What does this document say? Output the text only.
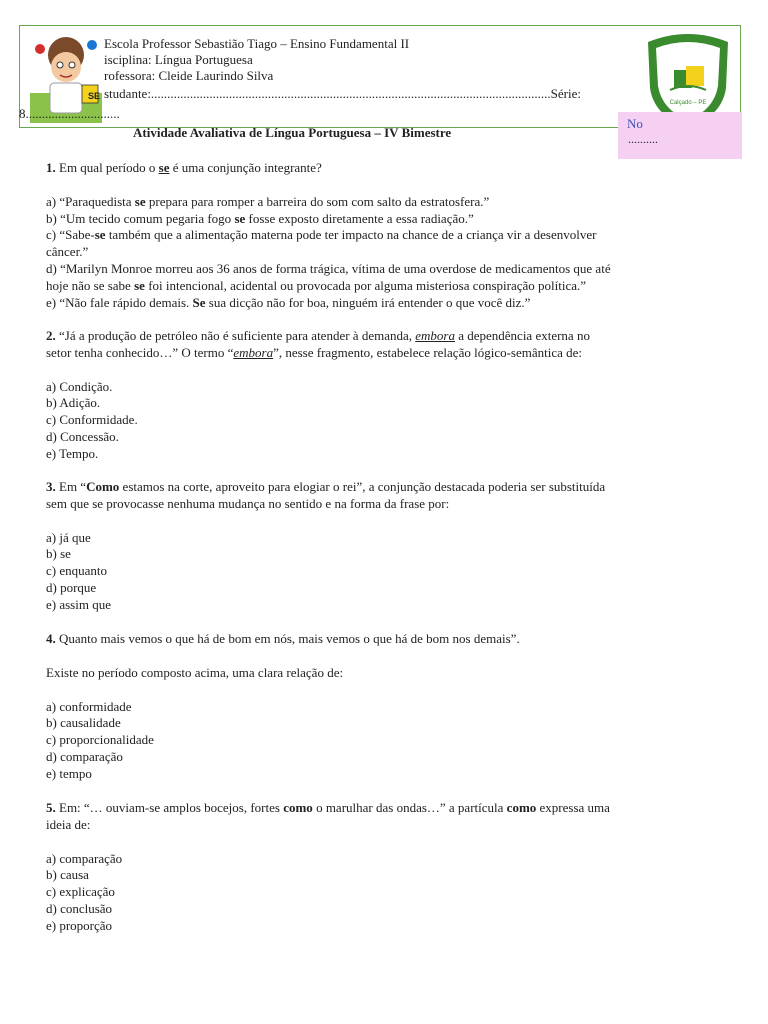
SE
Calçado – PE
Escola Professor Sebastião Tiago – Ensino Fundamental II
isciplina: Língua Portuguesa
rofessora: Cleide Laurindo Silva
studante:...........................................................................................................................Série:
8.............................
No
..........
Atividade Avaliativa de Língua Portuguesa – IV Bimestre
1. Em qual período o se é uma conjunção integrante?
a) “Paraquedista se prepara para romper a barreira do som com salto da estratosfera.”
b) “Um tecido comum pegaria fogo se fosse exposto diretamente a essa radiação.”
c) “Sabe-se também que a alimentação materna pode ter impacto na chance de a criança vir a desenvolver
câncer.”
d) “Marilyn Monroe morreu aos 36 anos de forma trágica, vítima de uma overdose de medicamentos que até
hoje não se sabe se foi intencional, acidental ou provocada por alguma misteriosa conspiração política.”
e) “Não fale rápido demais. Se sua dicção não for boa, ninguém irá entender o que você diz.”
2. “Já a produção de petróleo não é suficiente para atender à demanda, embora a dependência externa no
setor tenha conhecido…” O termo “embora”, nesse fragmento, estabelece relação lógico-semântica de:
a) Condição.
b) Adição.
c) Conformidade.
d) Concessão.
e) Tempo.
3. Em “Como estamos na corte, aproveito para elogiar o rei”, a conjunção destacada poderia ser substituída
sem que se provocasse nenhuma mudança no sentido e na forma da frase por:
a) já que
b) se
c) enquanto
d) porque
e) assim que
4. Quanto mais vemos o que há de bom em nós, mais vemos o que há de bom nos demais”.
Existe no período composto acima, uma clara relação de:
a) conformidade
b) causalidade
c) proporcionalidade
d) comparação
e) tempo
5. Em: “… ouviam-se amplos bocejos, fortes como o marulhar das ondas…” a partícula como expressa uma
ideia de:
a) comparação
b) causa
c) explicação
d) conclusão
e) proporção
